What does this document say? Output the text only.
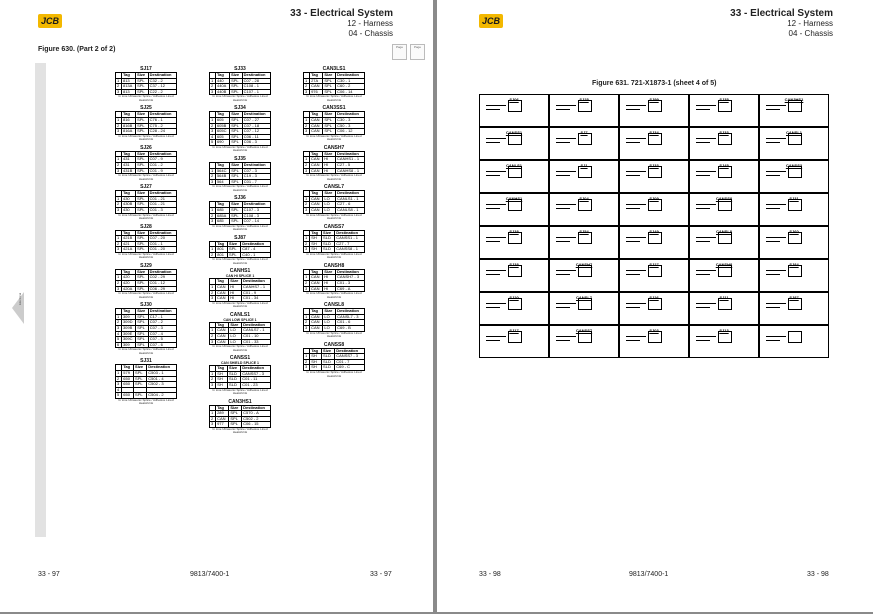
JCB
33 - Electrical System
12 - Harness
04 - Chassis
Figure 630. (Part 2 of 2)	Page	Page
Electrical
SJ17
	Tag	Size	Destination
1	813	SPL	C32 - 2
2	813A	SPL	C37 - 12
3	813	SPL	C22 - 2
In Line Ultrasonic Splice / Adhesive Lined Heatshrink
SJ25
	Tag	Size	Destination
1	816	SPL	C76 - 1
2	816B	SPL	C75 - 2
3	816A	SPL	C28 - 24
In Line Ultrasonic Splice / Adhesive Lined Heatshrink
SJ26
	Tag	Size	Destination
1	431	SPL	C07 - 9
2	431	SPL	C01 - 2
3	431B	SPL	C01 - 9
In Line Ultrasonic Splice / Adhesive Lined Heatshrink
SJ27
	Tag	Size	Destination
1	430	SPL	C01 - 21
2	430B	SPL	C01 - 21
3	430	SPL	C01 - 3
In Line Ultrasonic Splice / Adhesive Lined Heatshrink
SJ28
	Tag	Size	Destination
1	421B	SPL	C07 - 20
2	421	SPL	C01 - 1
3	421A	SPL	C01 - 20
In Line Ultrasonic Splice / Adhesive Lined Heatshrink
SJ29
	Tag	Size	Destination
1	420	SPL	C02 - 29
2	420	SPL	C01 - 12
3	420A	SPL	C06 - 29
In Line Ultrasonic Splice / Adhesive Lined Heatshrink
SJ30
	Tag	Size	Destination
1	309	SPL	C17 - 1
2	309D	SPL	C07 - 2
3	309B	SPL	C07 - 3
4	309E	SPL	C07 - 4
5	309C	SPL	C07 - 5
6	309	SPL	C07 - 6
In Line Ultrasonic Splice / Adhesive Lined Heatshrink
SJ31
	Tag	Size	Destination
1	579	SPL	C503 - 1
2	650	SPL	C501 - 4
3	650	SPL	C502 - 3
4			
5	650	SPL	C504 - 2
In Line Ultrasonic Splice / Adhesive Lined Heatshrink
SJ33
	Tag	Size	Destination
1	440	SPL	C07 - 28
2	440A	SPL	C108 - 1
3	440B	SPL	C107 - 1
In Line Ultrasonic Splice / Adhesive Lined Heatshrink
SJ34
	Tag	Size	Destination
1	605	SPL	C07 - 27
2	605B	SPL	C07 - 18
3	605C	SPL	C07 - 12
4	605	SPL	C06 - 11
5	690	SPL	C06 - 3
In Line Ultrasonic Splice / Adhesive Lined Heatshrink
SJ35
	Tag	Size	Destination
1	564C	SPL	C07 - 3
2	564B	SPL	C19 - 3
3	564	SPL	C01 - 7
In Line Ultrasonic Splice / Adhesive Lined Heatshrink
SJ36
	Tag	Size	Destination
1	685	SPL	C107 - 3
2	685A	SPL	C108 - 3
3	685	SPL	C07 - 14
In Line Ultrasonic Splice / Adhesive Lined Heatshrink
SJ87
	Tag	Size	Destination
1	801	SPL	C87 - 4
2	801	SPL	C40 - 1
In Line Ultrasonic Splice / Adhesive Lined Heatshrink
CANHS1
CAN HI SPLICE 1
	Tag	Size	Destination
1	CAN	HI	CANHS7 - 1
2	CAN	HI	C01 - 9
3	CAN	HI	C01 - 34
In Line Ultrasonic Splice / Adhesive Lined Heatshrink
CANLS1
CAN LOW SPLICE 1
	Tag	Size	Destination
1	CAN	LO	CANLS7 - 1
2	CAN	LO	C01 - 10
3	CAN	LO	C01 - 33
In Line Ultrasonic Splice / Adhesive Lined Heatshrink
CANSS1
CAN SHIELD SPLICE 1
	Tag	Size	Destination
1	SH	SLD	CANSS7 - 3
2	SH	SLD	C01 - 11
3	SH	SLD	C01 - 23
In Line Ultrasonic Splice / Adhesive Lined Heatshrink
CAN3HS1
	Tag	Size	Destination
1	289	SPL	C570 - A
2	CAN	SPL	C502 - 2
3	977	SPL	C06 - 15
In Line Ultrasonic Splice / Adhesive Lined Heatshrink
CAN3LS1
	Tag	Size	Destination
1	27A	SPL	C30 - 1
2	CAN	SPL	C60 - 2
3	976	SPL	C06 - 14
In Line Ultrasonic Splice / Adhesive Lined Heatshrink
CAN3SS1
	Tag	Size	Destination
1	CAN	SPL	C30 - 3
2	CAN	SPL	C50 - 3
3	CAN	SPL	C06 - 12
In Line Ultrasonic Splice / Adhesive Lined Heatshrink
CANSH7
	Tag	Size	Destination
1	CAN	HI	CANHS1 - 1
2	CAN	HI	C27 - 5
3	CAN	HI	CANHS8 - 1
In Line Ultrasonic Splice / Adhesive Lined Heatshrink
CANSL7
	Tag	Size	Destination
1	CAN	LO	CANLS1 - 1
2	CAN	LO	C27 - 6
3	CAN	LO	CANLS8 - 1
In Line Ultrasonic Splice / Adhesive Lined Heatshrink
CANSS7
	Tag	Size	Destination
1	SH	SLD	CANSS1 - 1
2	SH	SLD	C27 - 7
3	SH	SLD	CANSS8 - 1
In Line Ultrasonic Splice / Adhesive Lined Heatshrink
CANSH8
	Tag	Size	Destination
1	CAN	HI	CANSH7 - 3
2	CAN	HI	C01 - 3
3	CAN	HI	C69 - A
In Line Ultrasonic Splice / Adhesive Lined Heatshrink
CANSL8
	Tag	Size	Destination
1	CAN	LO	CANSL7 - 3
2	CAN	LO	C01 - 6
3	CAN	LO	C69 - B
In Line Ultrasonic Splice / Adhesive Lined Heatshrink
CANSS8
	Tag	Size	Destination
1	SH	SLD	CANSS7 - 3
2	SH	SLD	C01 - 7
3	SH	SLD	C69 - C
In Line Ultrasonic Splice / Adhesive Lined Heatshrink
33 - 97	9813/7400-1	33 - 97
JCB
33 - Electrical System
12 - Harness
04 - Chassis
Figure 631. 721-X1873-1 (sheet 4 of 5)
SJ06	SJ25	SJ99	SJ35	CAN3HS1
CANSS1	SJ7	SJ34	SJ33	CANSL1
CANLS1	SJ1	SJ33	SJ45	CANSS3
CANHS1	SJ04	SJ09	CANSS8	SJ31
SJ38	SJ54	SJ49	CANSL8	SJ60
SJ38	CANSH7	SJ27	CANSH8	SJ84
SJ20	CANSL7	SJ26	SJ11	SJ87
SJ17	CANSS7	SJ03	SJ13
33 - 98	9813/7400-1	33 - 98
